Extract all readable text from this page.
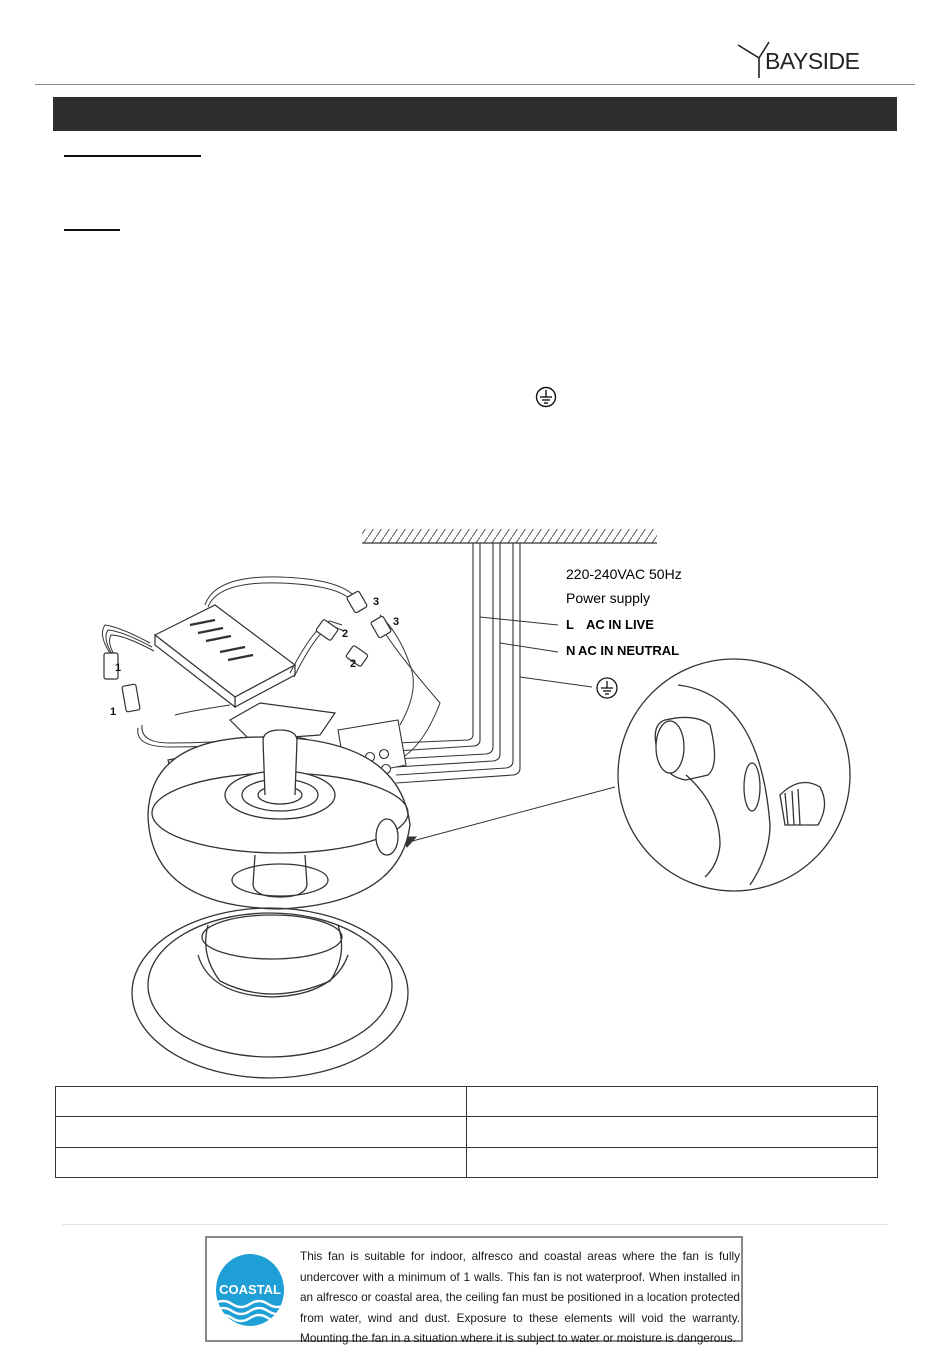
BAYSIDE
220-240VAC 50Hz
Power supply
L AC IN LIVE
N AC IN NEUTRAL
1
1
2
2
3
3

COASTAL

This fan is suitable for indoor, alfresco and coastal areas where the fan is fully undercover with a minimum of 1 walls. This fan is not waterproof. When installed in an alfresco or coastal area, the ceiling fan must be positioned in a location protected from water, wind and dust. Exposure to these elements will void the warranty. Mounting the fan in a situation where it is subject to water or moisture is dangerous.
